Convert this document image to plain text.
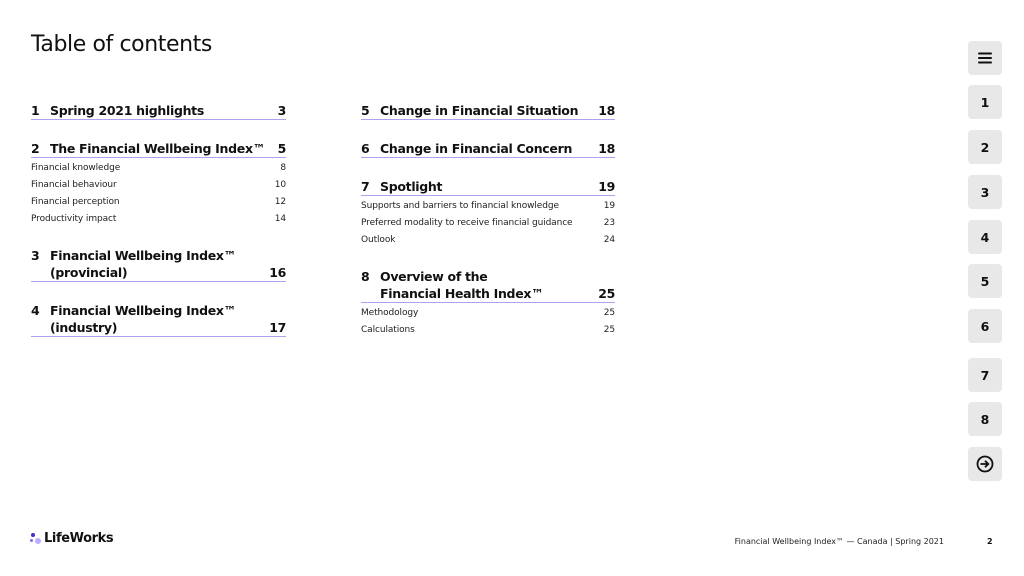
Table of contents
1 Spring 2021 highlights	3
2 The Financial Wellbeing Index™ 5
Financial knowledge	8
Financial behaviour	10
Financial perception	12
Productivity impact	14
3 Financial Wellbeing Index™
(provincial)	16
4 Financial Wellbeing Index™
(industry)	17
5 Change in Financial Situation 18
6 Change in Financial Concern 18
7 Spotlight	19
Supports and barriers to financial knowledge	19
Preferred modality to receive financial guidance	23
Outlook	24
8 Overview of the
Financial Health Index™	25
Methodology	25
Calculations	25
1
2
3
4
5
6
7
8
LifeWorks	Financial Wellbeing Index™ — Canada | Spring 2021	2
